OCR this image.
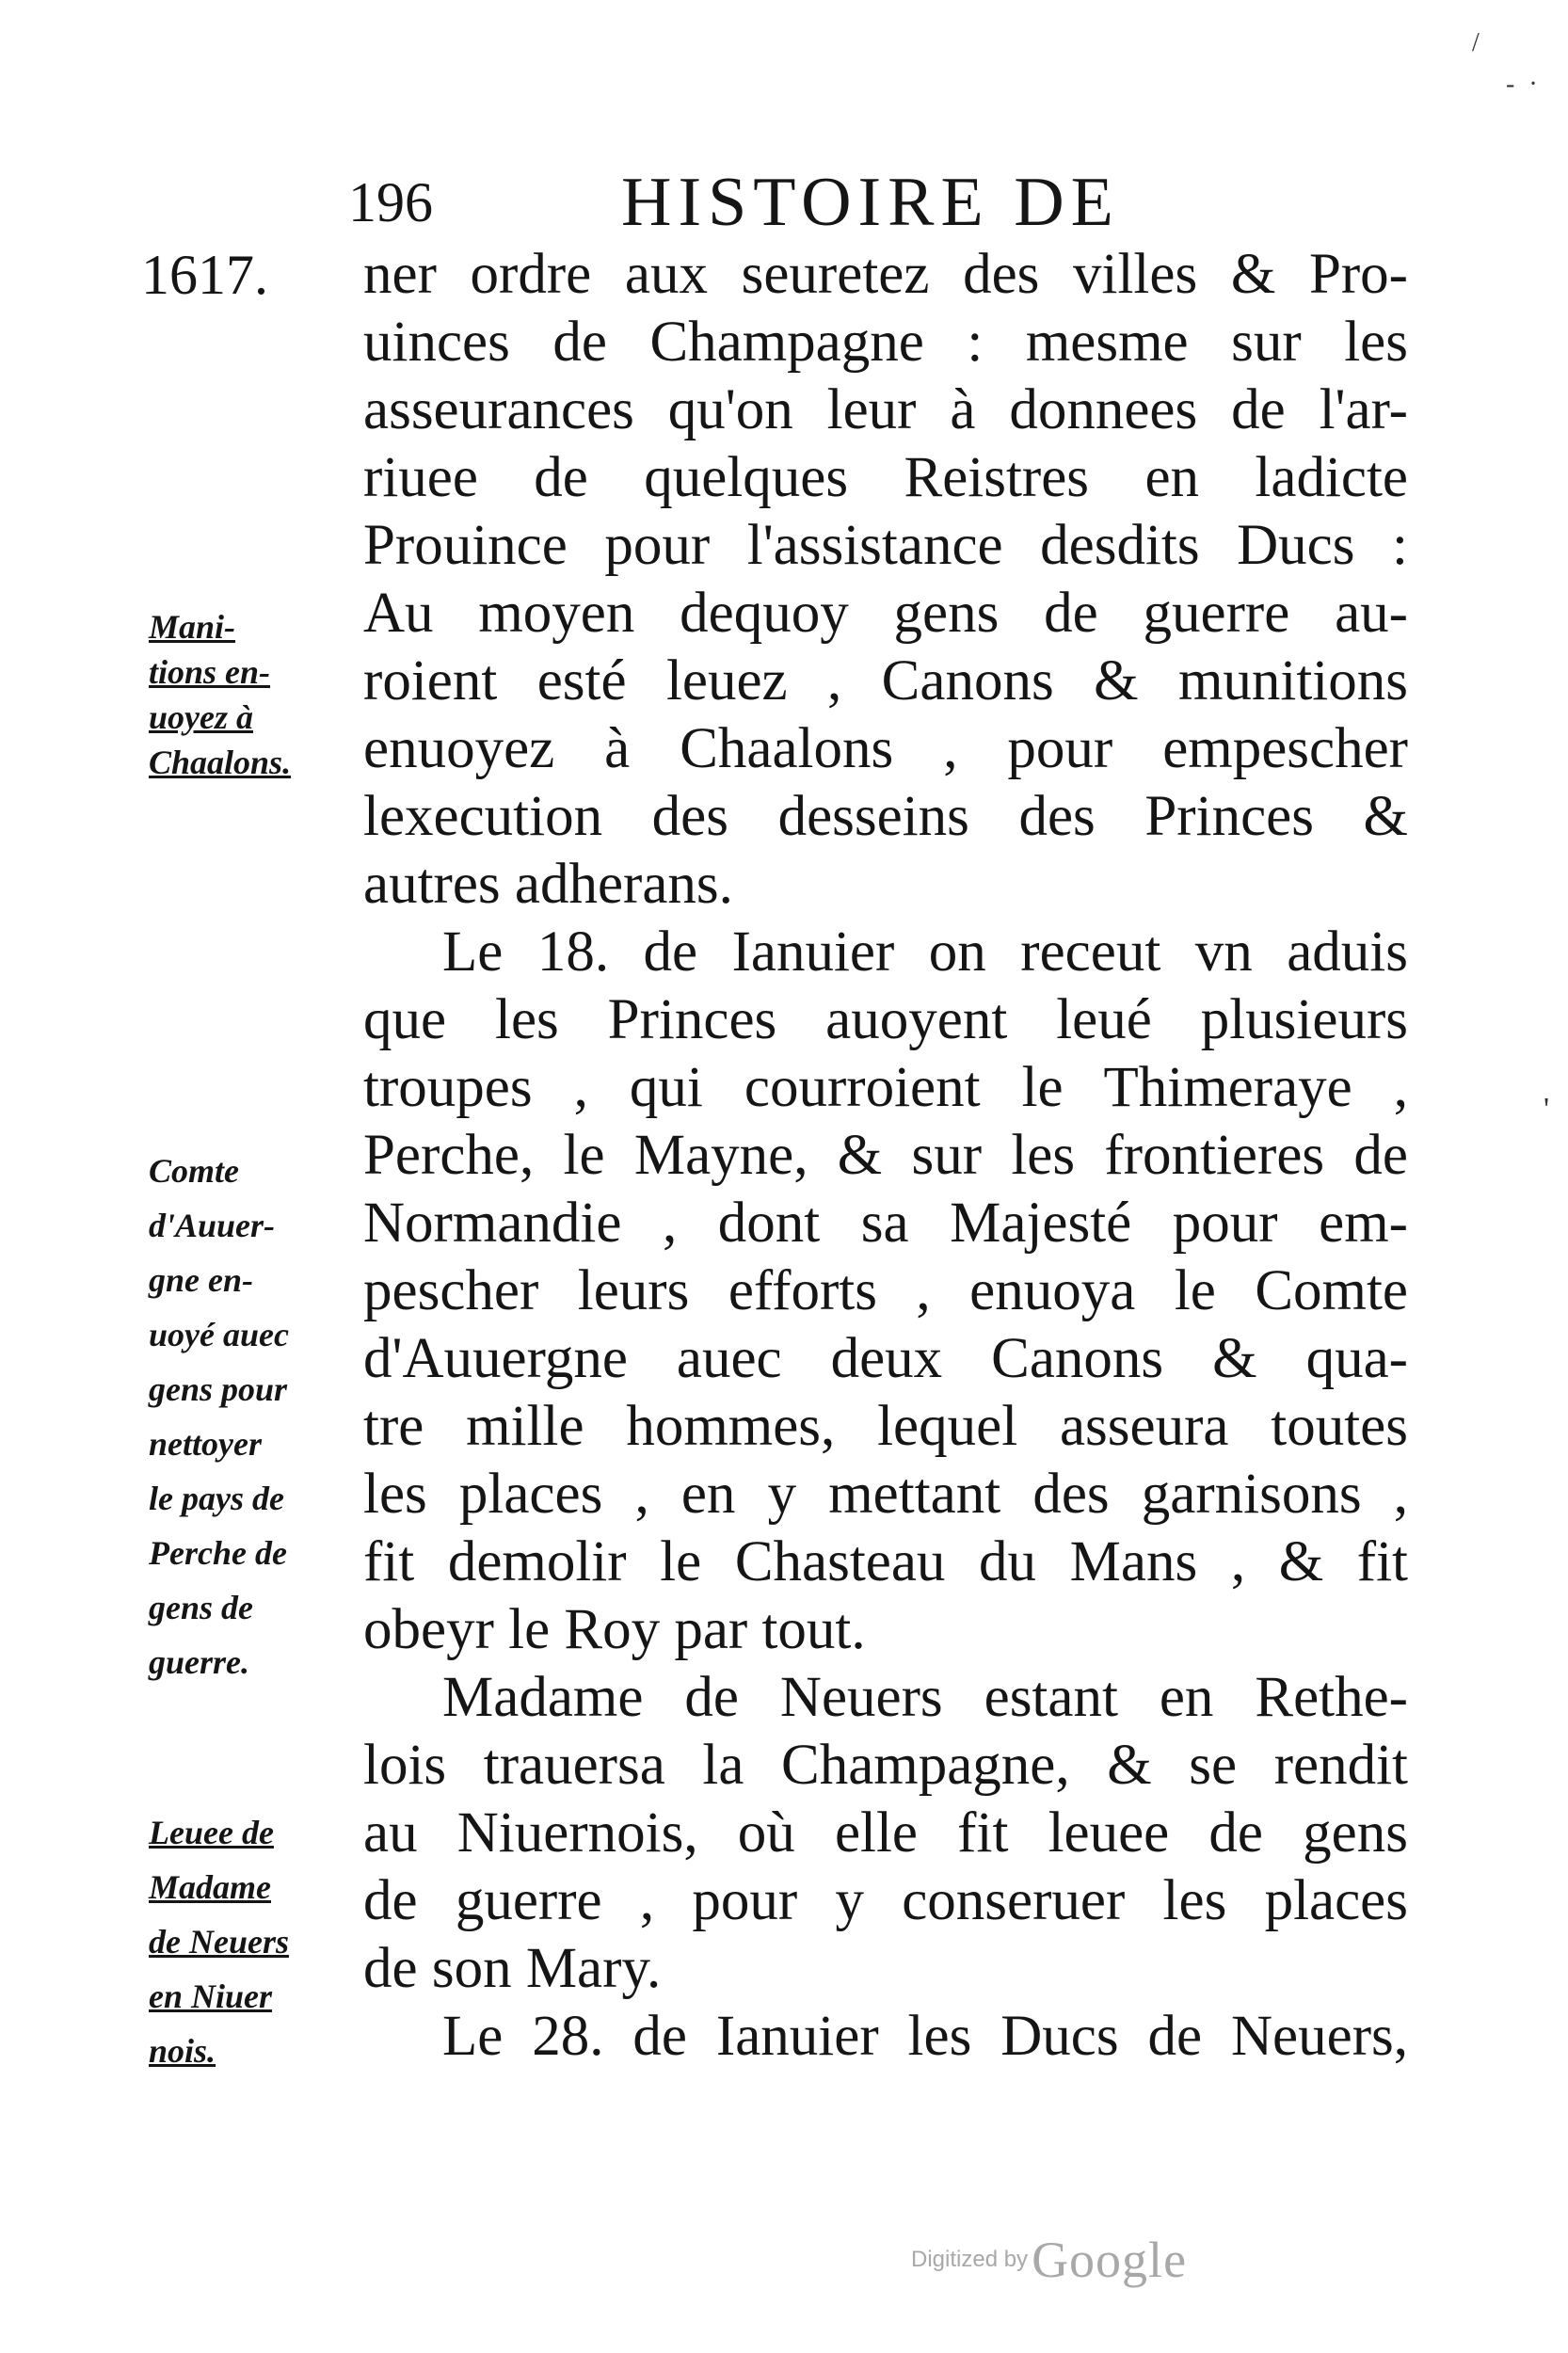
196	HISTOIRE DE
1617. ner ordre aux seuretez des villes & Pro-
uinces de Champagne : mesme sur les
asseurances qu'on leur à donnees de l'ar-
riuee de quelques Reistres en ladicte
Prouince pour l'assistance desdits Ducs :
Au moyen dequoy gens de guerre au-
roient esté leuez , Canons & munitions
enuoyez à Chaalons , pour empescher
lexecution des desseins des Princes &
autres adherans.
Le 18. de Ianuier on receut vn aduis
que les Princes auoyent leué plusieurs
troupes , qui courroient le Thimeraye ,
Perche, le Mayne, & sur les frontieres de
Normandie , dont sa Majesté pour em-
pescher leurs efforts , enuoya le Comte
d'Auuergne auec deux Canons & qua-
tre mille hommes, lequel asseura toutes
les places , en y mettant des garnisons ,
fit demolir le Chasteau du Mans , & fit
obeyr le Roy par tout.
Madame de Neuers estant en Rethe-
lois trauersa la Champagne, & se rendit
au Niuernois, où elle fit leuee de gens
de guerre , pour y conseruer les places
de son Mary.
Le 28. de Ianuier les Ducs de Neuers,
Mani-
tions en-
uoyez à
Chaalons.
Comte
d'Auuer-
gne en-
uoyé auec
gens pour
nettoyer
le pays de
Perche de
gens de
guerre.
Leuee de
Madame
de Neuers
en Niuer
nois.
/
- ·
'
Digitized by Google
